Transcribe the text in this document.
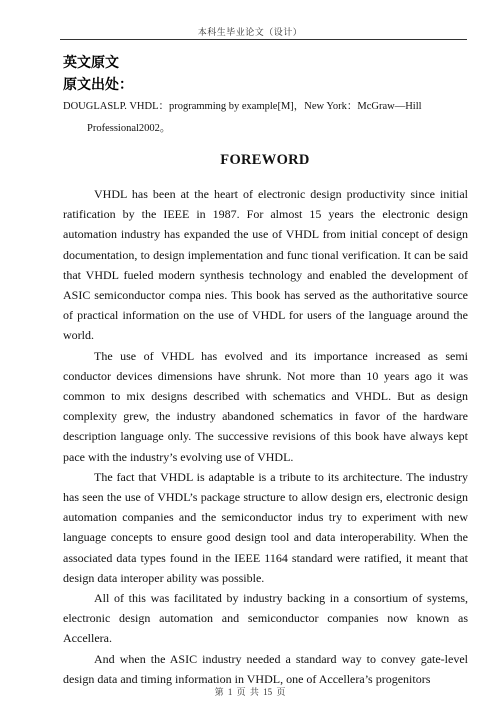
本科生毕业论文（设计）
英文原文
原文出处：
DOUGLASLP. VHDL：programming by example[M]，New York：McGraw—Hill
Professional2002。
FOREWORD

VHDL has been at the heart of electronic design productivity since initial ratification by the IEEE in 1987. For almost 15 years the electronic design automation industry has expanded the use of VHDL from initial concept of design documentation, to design implementation and func tional verification. It can be said that VHDL fueled modern synthesis technology and enabled the development of ASIC semiconductor compa nies. This book has served as the authoritative source of practical information on the use of VHDL for users of the language around the world.

The use of VHDL has evolved and its importance increased as semi conductor devices dimensions have shrunk. Not more than 10 years ago it was common to mix designs described with schematics and VHDL. But as design complexity grew, the industry abandoned schematics in favor of the hardware description language only. The successive revisions of this book have always kept pace with the industry’s evolving use of VHDL.

The fact that VHDL is adaptable is a tribute to its architecture. The industry has seen the use of VHDL’s package structure to allow design ers, electronic design automation companies and the semiconductor indus try to experiment with new language concepts to ensure good design tool and data interoperability. When the associated data types found in the IEEE 1164 standard were ratified, it meant that design data interoper ability was possible.

All of this was facilitated by industry backing in a consortium of systems, electronic design automation and semiconductor companies now known as Accellera.

And when the ASIC industry needed a standard way to convey gate-level design data and timing information in VHDL, one of Accellera’s progenitors

第 1 页 共 15 页
